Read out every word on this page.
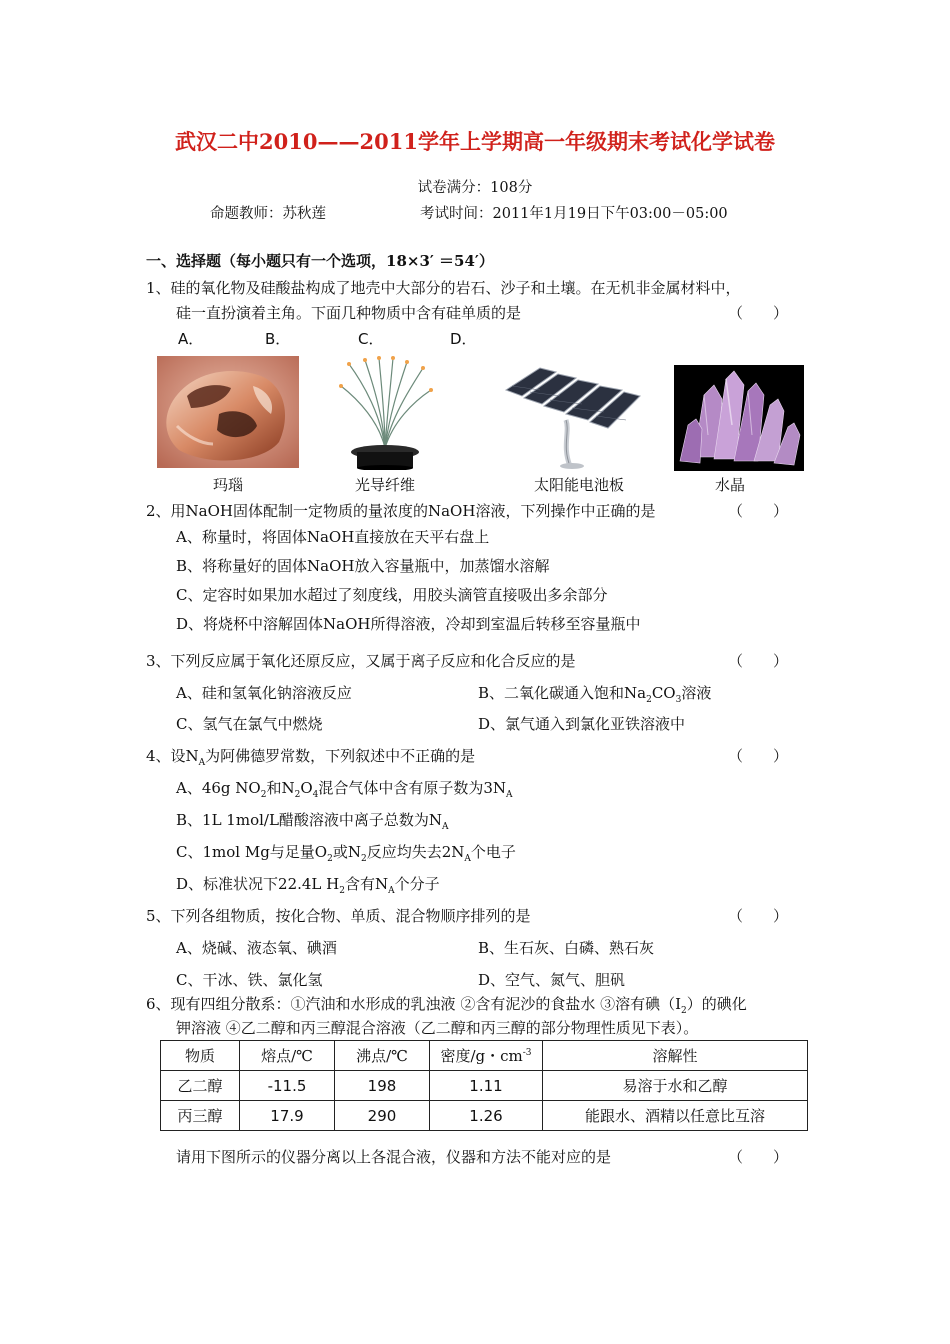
武汉二中2010——2011学年上学期高一年级期末考试化学试卷
试卷满分：108分
命题教师：苏秋莲	考试时间：2011年1月19日下午03:00－05:00
一、选择题（每小题只有一个选项，18×3′ ＝54′）
1、硅的氧化物及硅酸盐构成了地壳中大部分的岩石、沙子和土壤。在无机非金属材料中，
硅一直扮演着主角。下面几种物质中含有硅单质的是	（　　）
A．	B．	C．	D．
玛瑙	光导纤维	太阳能电池板	水晶
2、用NaOH固体配制一定物质的量浓度的NaOH溶液，下列操作中正确的是	（　　）
A、称量时，将固体NaOH直接放在天平右盘上
B、将称量好的固体NaOH放入容量瓶中，加蒸馏水溶解
C、定容时如果加水超过了刻度线，用胶头滴管直接吸出多余部分
D、将烧杯中溶解固体NaOH所得溶液，冷却到室温后转移至容量瓶中
3、下列反应属于氧化还原反应，又属于离子反应和化合反应的是	（　　）
A、硅和氢氧化钠溶液反应	B、二氧化碳通入饱和$Na_2CO_3$溶液
C、氢气在氯气中燃烧	D、氯气通入到氯化亚铁溶液中
4、设$N_A$为阿佛德罗常数，下列叙述中不正确的是	（　　）
A、46g $NO_2$和$N_2O_4$混合气体中含有原子数为$3N_A$
B、1L 1mol/L醋酸溶液中离子总数为$N_A$
C、1mol Mg与足量$O_2$或$N_2$反应均失去$2N_A$个电子
D、标准状况下22.4L $H_2$含有$N_A$个分子
5、下列各组物质，按化合物、单质、混合物顺序排列的是	（　　）
A、烧碱、液态氧、碘酒	B、生石灰、白磷、熟石灰
C、干冰、铁、氯化氢	D、空气、氮气、胆矾
6、现有四组分散系：①汽油和水形成的乳浊液 ②含有泥沙的食盐水 ③溶有碘$(I_2)$的碘化
钾溶液 ④乙二醇和丙三醇混合溶液（乙二醇和丙三醇的部分物理性质见下表）。
物质	熔点/℃	沸点/℃	密度/g・$cm^{-3}$	溶解性
乙二醇	-11.5	198	1.11	易溶于水和乙醇
丙三醇	17.9	290	1.26	能跟水、酒精以任意比互溶
请用下图所示的仪器分离以上各混合液，仪器和方法不能对应的是	（　　）
